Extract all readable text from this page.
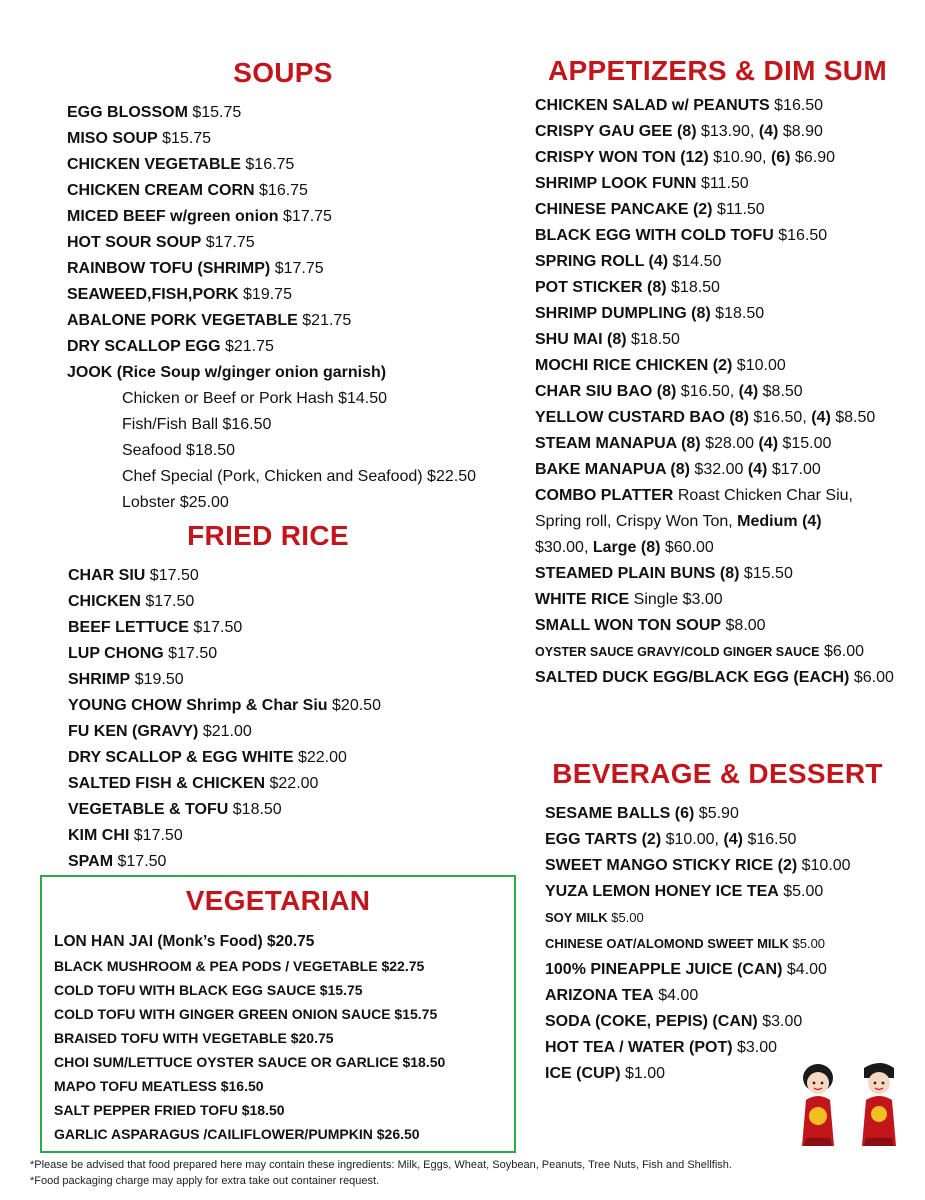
SOUPS
EGG BLOSSOM $15.75
MISO SOUP $15.75
CHICKEN VEGETABLE $16.75
CHICKEN CREAM CORN $16.75
MICED BEEF w/green onion $17.75
HOT SOUR SOUP $17.75
RAINBOW TOFU (SHRIMP) $17.75
SEAWEED,FISH,PORK $19.75
ABALONE PORK VEGETABLE $21.75
DRY SCALLOP EGG $21.75
JOOK (Rice Soup w/ginger onion garnish)
Chicken or Beef or Pork Hash $14.50
Fish/Fish Ball $16.50
Seafood $18.50
Chef Special (Pork, Chicken and Seafood) $22.50
Lobster $25.00
FRIED RICE
CHAR SIU $17.50
CHICKEN $17.50
BEEF LETTUCE $17.50
LUP CHONG $17.50
SHRIMP $19.50
YOUNG CHOW Shrimp & Char Siu $20.50
FU KEN (GRAVY) $21.00
DRY SCALLOP & EGG WHITE $22.00
SALTED FISH & CHICKEN $22.00
VEGETABLE & TOFU $18.50
KIM CHI $17.50
SPAM $17.50
VEGETARIAN
LON HAN JAI (Monk’s Food) $20.75
BLACK MUSHROOM & PEA PODS / VEGETABLE $22.75
COLD TOFU WITH BLACK EGG SAUCE $15.75
COLD TOFU WITH GINGER GREEN ONION SAUCE $15.75
BRAISED TOFU WITH VEGETABLE $20.75
CHOI SUM/LETTUCE OYSTER SAUCE OR GARLICE $18.50
MAPO TOFU MEATLESS $16.50
SALT PEPPER FRIED TOFU $18.50
GARLIC ASPARAGUS /CAILIFLOWER/PUMPKIN $26.50
APPETIZERS & DIM SUM
CHICKEN SALAD w/ PEANUTS $16.50
CRISPY GAU GEE (8) $13.90, (4) $8.90
CRISPY WON TON (12) $10.90, (6) $6.90
SHRIMP LOOK FUNN $11.50
CHINESE PANCAKE (2) $11.50
BLACK EGG WITH COLD TOFU $16.50
SPRING ROLL (4) $14.50
POT STICKER (8) $18.50
SHRIMP DUMPLING (8) $18.50
SHU MAI (8) $18.50
MOCHI RICE CHICKEN (2) $10.00
CHAR SIU BAO (8) $16.50, (4) $8.50
YELLOW CUSTARD BAO (8) $16.50, (4) $8.50
STEAM MANAPUA (8) $28.00 (4) $15.00
BAKE MANAPUA (8) $32.00 (4) $17.00
COMBO PLATTER Roast Chicken Char Siu,
Spring roll, Crispy Won Ton, Medium (4)
$30.00, Large (8) $60.00
STEAMED PLAIN BUNS (8) $15.50
WHITE RICE Single $3.00
SMALL WON TON SOUP $8.00
OYSTER SAUCE GRAVY/COLD GINGER SAUCE $6.00
SALTED DUCK EGG/BLACK EGG (EACH) $6.00
BEVERAGE & DESSERT
SESAME BALLS (6) $5.90
EGG TARTS (2) $10.00, (4) $16.50
SWEET MANGO STICKY RICE (2) $10.00
YUZA LEMON HONEY ICE TEA $5.00
SOY MILK $5.00
CHINESE OAT/ALOMOND SWEET MILK $5.00
100% PINEAPPLE JUICE (CAN) $4.00
ARIZONA TEA $4.00
SODA (COKE, PEPIS) (CAN) $3.00
HOT TEA / WATER (POT) $3.00
ICE (CUP) $1.00
*Please be advised that food prepared here may contain these ingredients: Milk, Eggs, Wheat, Soybean, Peanuts, Tree Nuts, Fish and Shellfish.
*Food packaging charge may apply for extra take out container request.
